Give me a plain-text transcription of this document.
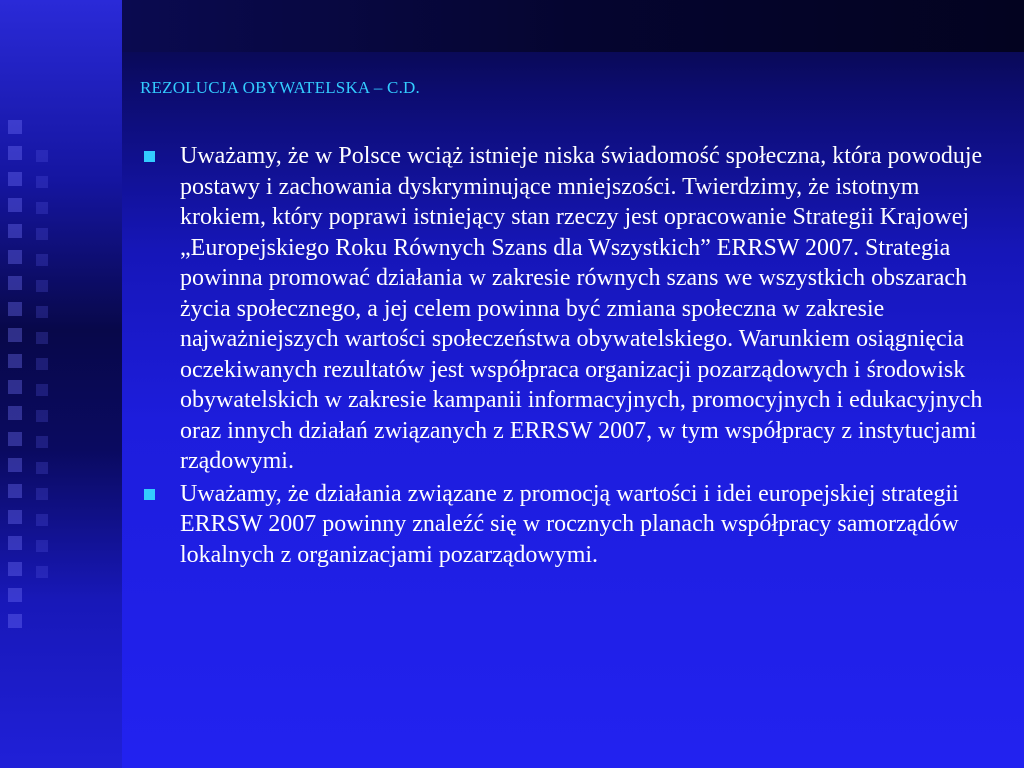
REZOLUCJA OBYWATELSKA – C.D.
Uważamy, że w Polsce wciąż istnieje niska świadomość społeczna, która powoduje postawy i zachowania dyskryminujące mniejszości. Twierdzimy, że istotnym krokiem, który poprawi istniejący stan rzeczy jest opracowanie Strategii Krajowej „Europejskiego Roku Równych Szans dla Wszystkich” ERRSW 2007. Strategia powinna promować działania w zakresie równych szans we wszystkich obszarach życia społecznego, a jej celem powinna być zmiana społeczna w zakresie najważniejszych wartości społeczeństwa obywatelskiego. Warunkiem osiągnięcia oczekiwanych rezultatów jest współpraca organizacji pozarządowych i środowisk obywatelskich w zakresie kampanii informacyjnych, promocyjnych i edukacyjnych oraz innych działań związanych z ERRSW 2007, w tym współpracy z instytucjami rządowymi.
Uważamy, że działania związane z promocją wartości i idei europejskiej strategii ERRSW 2007 powinny znaleźć się w rocznych planach współpracy samorządów lokalnych z organizacjami pozarządowymi.
